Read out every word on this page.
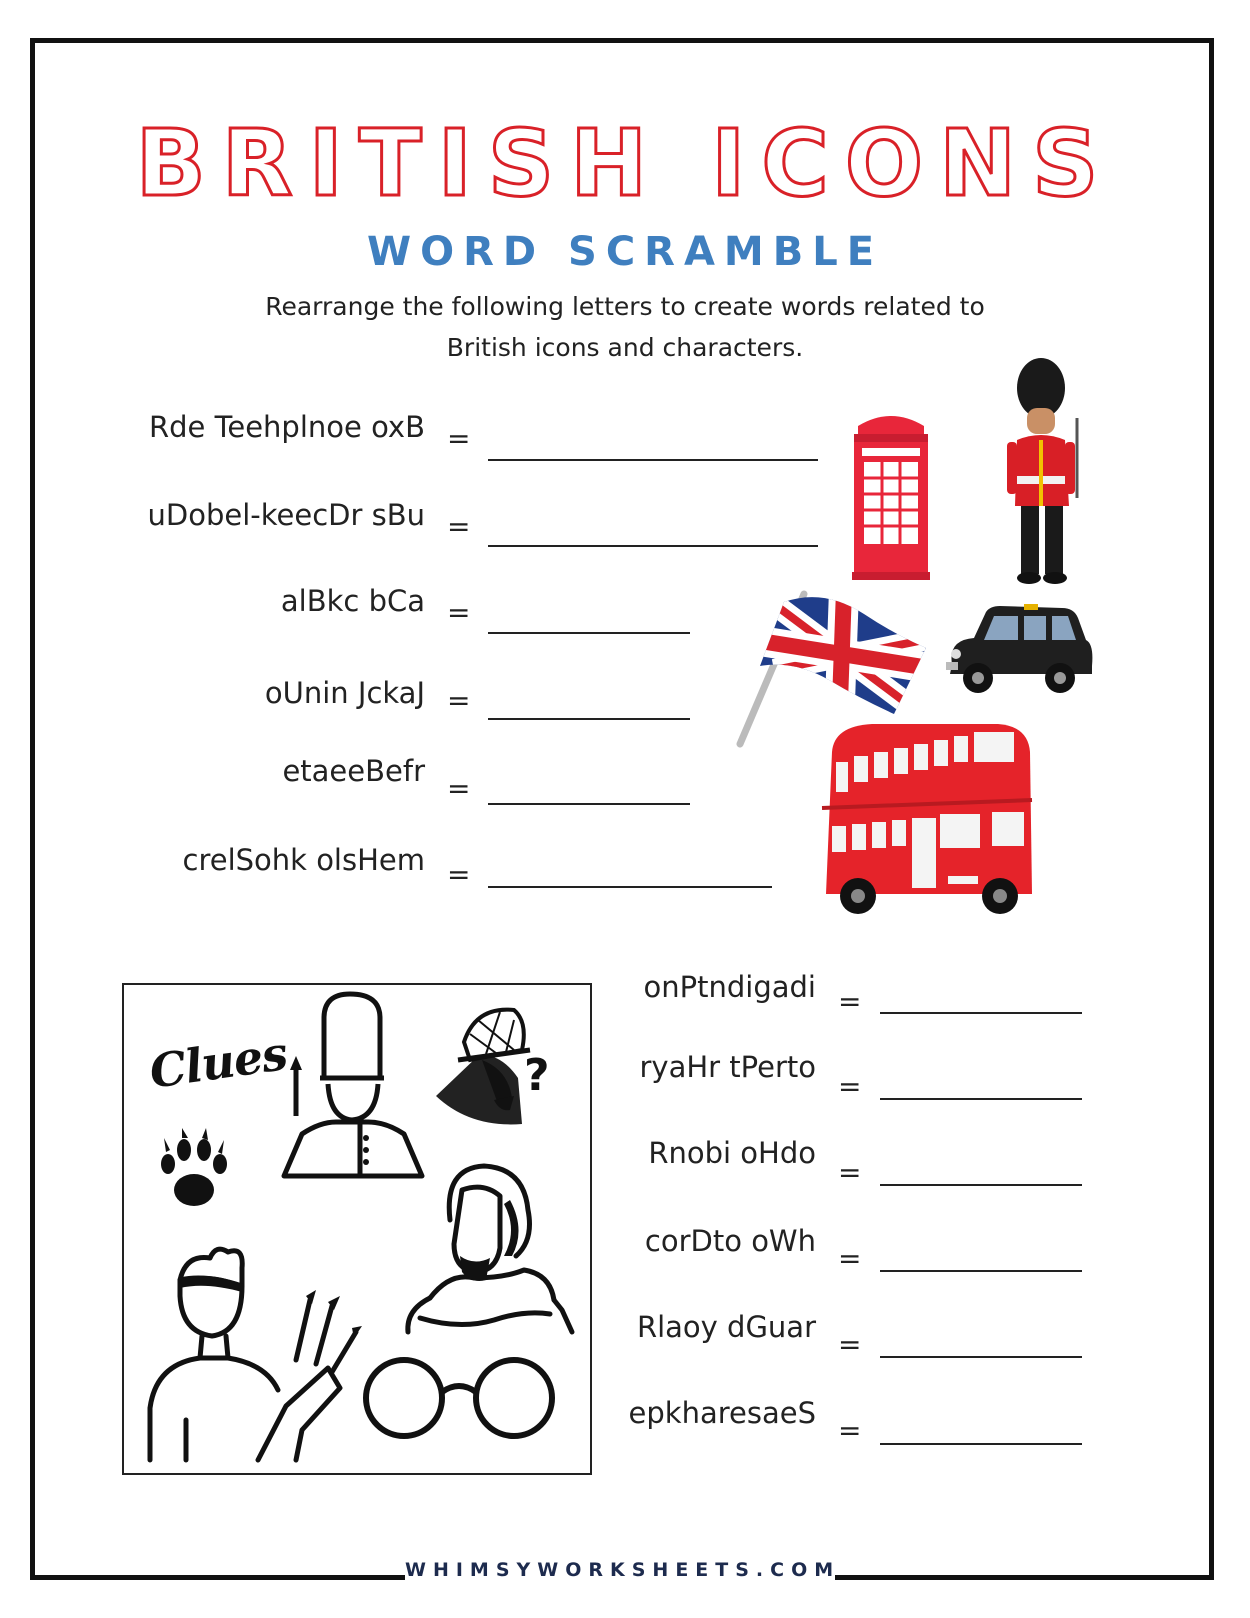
WHIMSYWORKSHEETS.COM
BRITISH ICONS
WORD SCRAMBLE
Rearrange the following letters to create words related to
British icons and characters.
Rde Teehplnoe oxB =
uDobel-keecDr sBu =
alBkc bCa =
oUnin JckaJ =
etaeeBefr
=
crelSohk olsHem =
onPtndigadi =
ryaHr tPerto
=
Rnobi oHdo
=
corDto oWh
=
Rlaoy dGuar
=
epkharesaeS
=
Clues	?
